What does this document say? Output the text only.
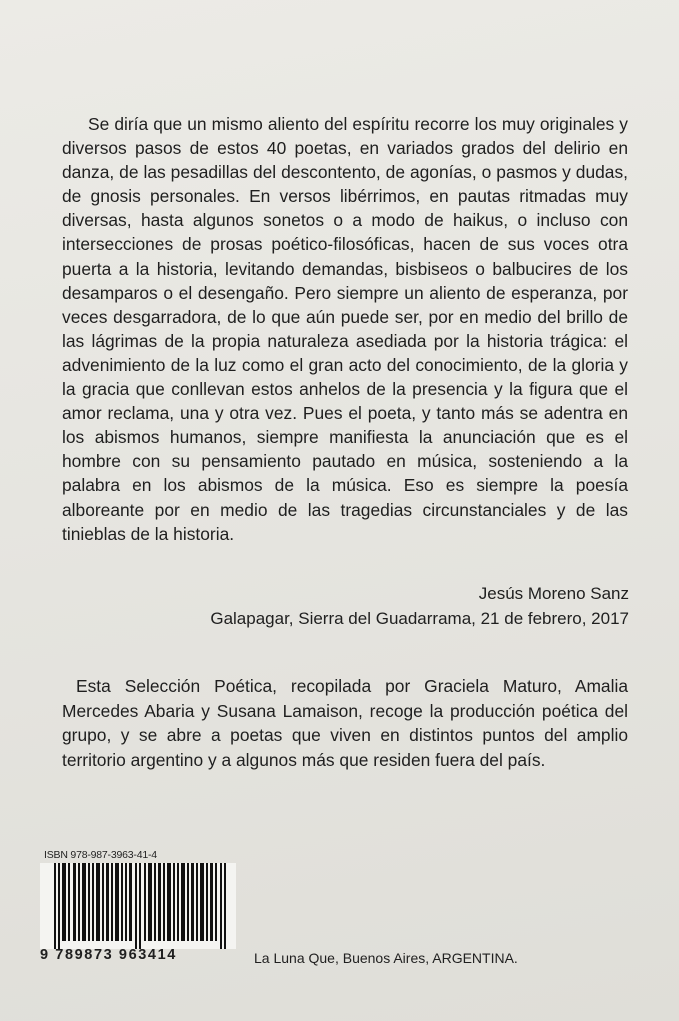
Se diría que un mismo aliento del espíritu recorre los muy originales y diversos pasos de estos 40 poetas, en variados grados del delirio en danza, de las pesadillas del descontento, de agonías, o pasmos y dudas, de gnosis personales. En versos libérrimos, en pautas ritmadas muy diversas, hasta algunos sonetos o a modo de haikus, o incluso con intersecciones de prosas poético-filosóficas, hacen de sus voces otra puerta a la historia, levitando demandas, bisbiseos o balbucires de los desamparos o el desengaño. Pero siempre un aliento de esperanza, por veces desgarradora, de lo que aún puede ser, por en medio del brillo de las lágrimas de la propia naturaleza asediada por la historia trágica: el advenimiento de la luz como el gran acto del conocimiento, de la gloria y la gracia que conllevan estos anhelos de la presencia y la figura que el amor reclama, una y otra vez. Pues el poeta, y tanto más se adentra en los abismos humanos, siempre manifiesta la anunciación que es el hombre con su pensamiento pautado en música, sosteniendo a la palabra en los abismos de la música. Eso es siempre la poesía alboreante por en medio de las tragedias circunstanciales y de las tinieblas de la historia.

Jesús Moreno Sanz
Galapagar, Sierra del Guadarrama, 21 de febrero, 2017

Esta Selección Poética, recopilada por Graciela Maturo, Amalia Mercedes Abaria y Susana Lamaison, recoge la producción poética del grupo, y se abre a poetas que viven en distintos puntos del amplio territorio argentino y a algunos más que residen fuera del país.

ISBN 978-987-3963-41-4
9 789873 963414	La Luna Que, Buenos Aires, ARGENTINA.
